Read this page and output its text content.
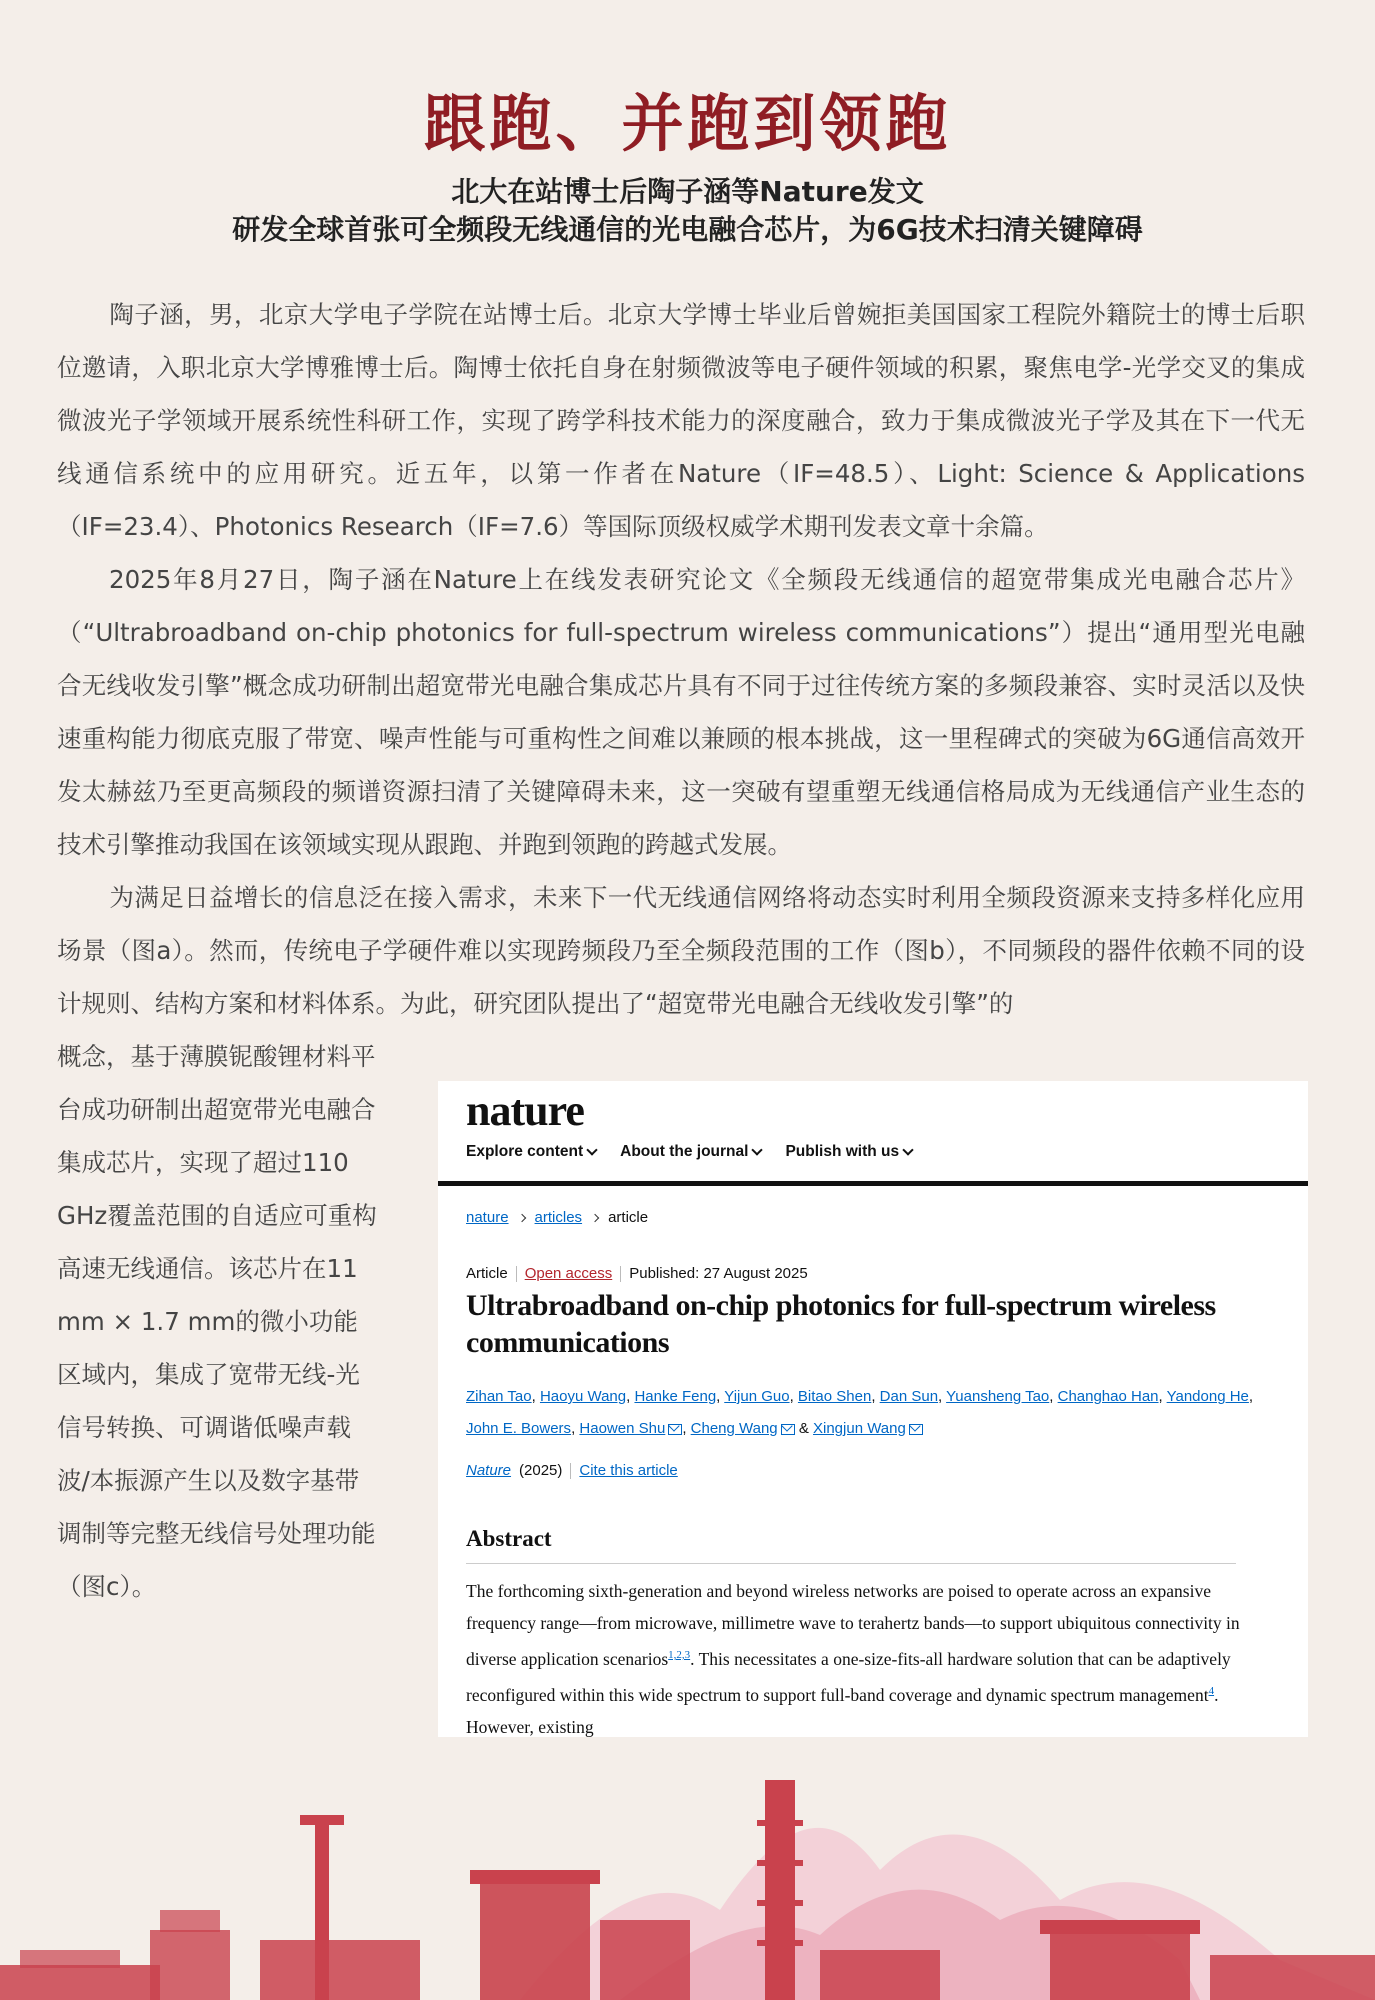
跟跑、并跑到领跑
北大在站博士后陶子涵等Nature发文
研发全球首张可全频段无线通信的光电融合芯片，为6G技术扫清关键障碍

陶子涵，男，北京大学电子学院在站博士后。北京大学博士毕业后曾婉拒美国国家工程院外籍院士的博士后职位邀请，入职北京大学博雅博士后。陶博士依托自身在射频微波等电子硬件领域的积累，聚焦电学-光学交叉的集成微波光子学领域开展系统性科研工作，实现了跨学科技术能力的深度融合，致力于集成微波光子学及其在下一代无线通信系统中的应用研究。近五年，以第一作者在Nature（IF=48.5）、Light: Science & Applications（IF=23.4）、Photonics Research（IF=7.6）等国际顶级权威学术期刊发表文章十余篇。

2025年8月27日，陶子涵在Nature上在线发表研究论文《全频段无线通信的超宽带集成光电融合芯片》（“Ultrabroadband on-chip photonics for full-spectrum wireless communications”）提出“通用型光电融合无线收发引擎”概念成功研制出超宽带光电融合集成芯片具有不同于过往传统方案的多频段兼容、实时灵活以及快速重构能力彻底克服了带宽、噪声性能与可重构性之间难以兼顾的根本挑战，这一里程碑式的突破为6G通信高效开发太赫兹乃至更高频段的频谱资源扫清了关键障碍未来，这一突破有望重塑无线通信格局成为无线通信产业生态的技术引擎推动我国在该领域实现从跟跑、并跑到领跑的跨越式发展。

为满足日益增长的信息泛在接入需求，未来下一代无线通信网络将动态实时利用全频段资源来支持多样化应用场景（图a）。然而，传统电子学硬件难以实现跨频段乃至全频段范围的工作（图b），不同频段的器件依赖不同的设计规则、结构方案和材料体系。为此，研究团队提出了“超宽带光电融合无线收发引擎”的

概念，基于薄膜铌酸锂材料平台成功研制出超宽带光电融合集成芯片，实现了超过110 GHz覆盖范围的自适应可重构高速无线通信。该芯片在11 mm × 1.7 mm的微小功能区域内，集成了宽带无线-光信号转换、可调谐低噪声载波/本振源产生以及数字基带调制等完整无线信号处理功能（图c）。

nature
Explore content About the journal Publish with us
nature articles article
Article Open access Published: 27 August 2025
Ultrabroadband on-chip photonics for full-spectrum wireless communications
Zihan Tao, Haoyu Wang, Hanke Feng, Yijun Guo, Bitao Shen, Dan Sun, Yuansheng Tao, Changhao Han, Yandong He, John E. Bowers, Haowen Shu , Cheng Wang & Xingjun Wang
Nature (2025) Cite this article
Abstract

The forthcoming sixth-generation and beyond wireless networks are poised to operate across an expansive frequency range—from microwave, millimetre wave to terahertz bands—to support ubiquitous connectivity in diverse application scenarios$^{1,2,3}$. This necessitates a one-size-fits-all hardware solution that can be adaptively reconfigured within this wide spectrum to support full-band coverage and dynamic spectrum management$^4$. However, existing
